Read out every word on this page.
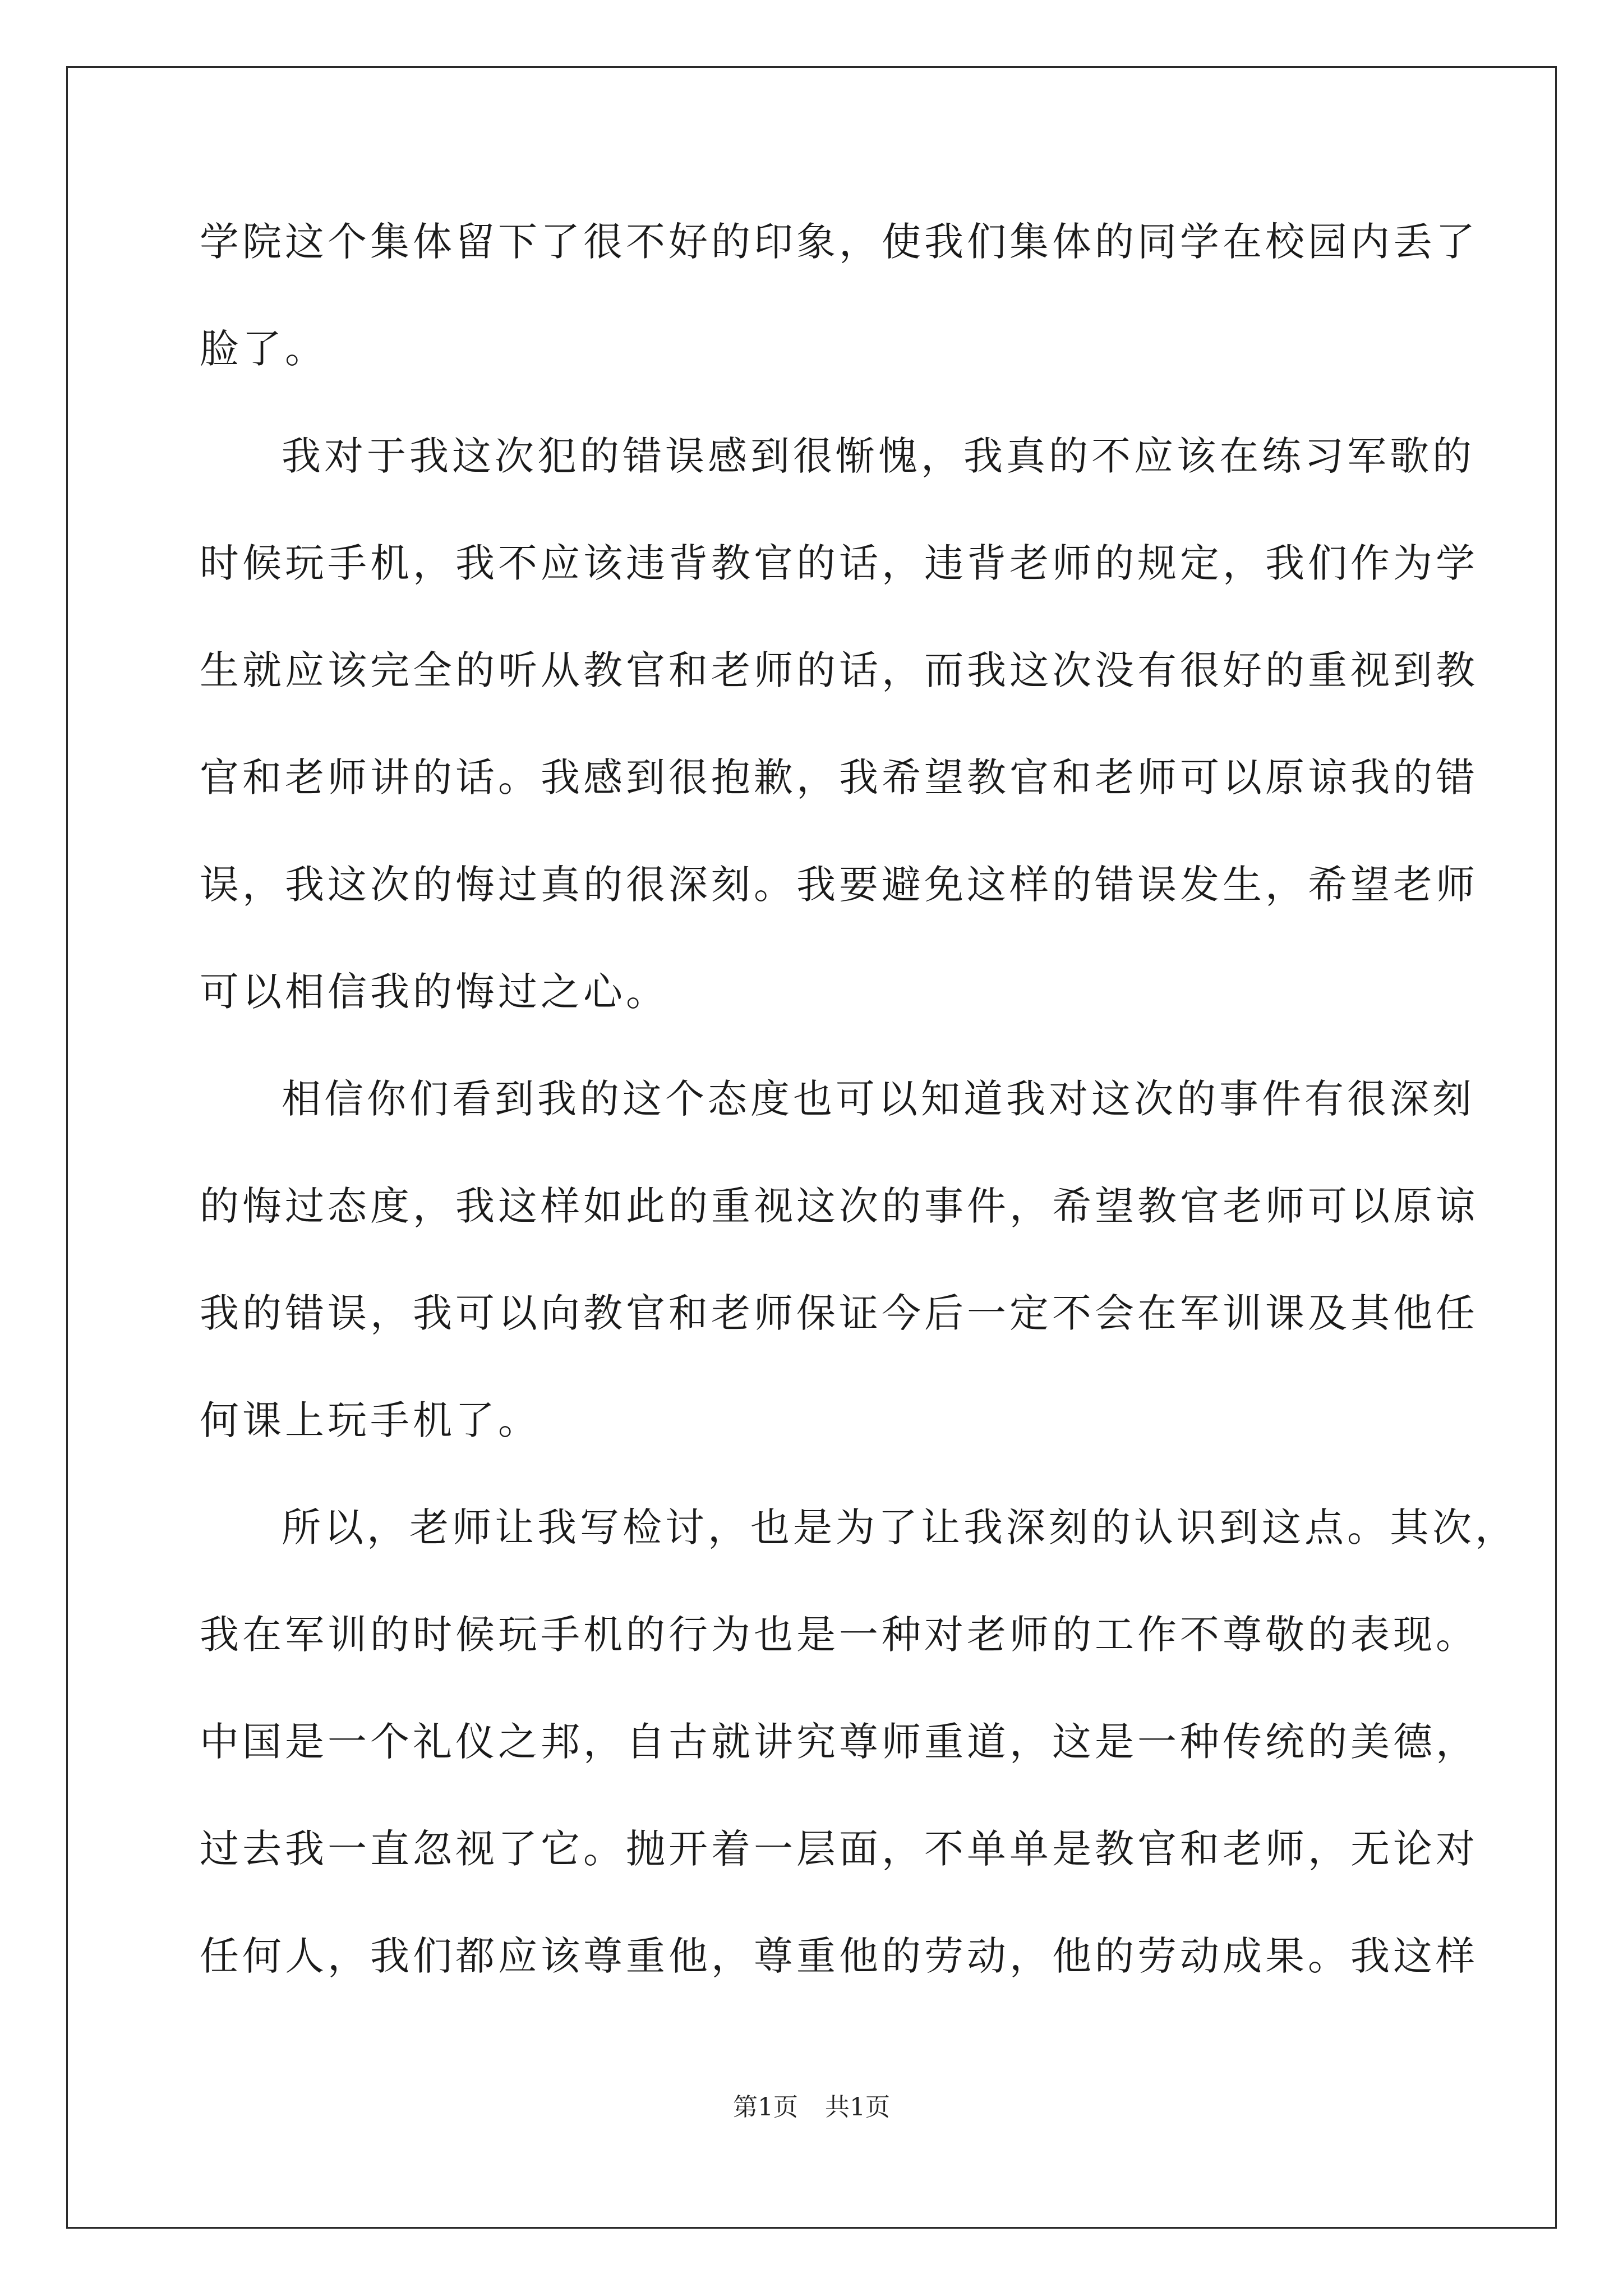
学院这个集体留下了很不好的印象，使我们集体的同学在校园内丢了
脸了。
我对于我这次犯的错误感到很惭愧，我真的不应该在练习军歌的
时候玩手机，我不应该违背教官的话，违背老师的规定，我们作为学
生就应该完全的听从教官和老师的话，而我这次没有很好的重视到教
官和老师讲的话。我感到很抱歉，我希望教官和老师可以原谅我的错
误，我这次的悔过真的很深刻。我要避免这样的错误发生，希望老师
可以相信我的悔过之心。
相信你们看到我的这个态度也可以知道我对这次的事件有很深刻
的悔过态度，我这样如此的重视这次的事件，希望教官老师可以原谅
我的错误，我可以向教官和老师保证今后一定不会在军训课及其他任
何课上玩手机了。
所以，老师让我写检讨，也是为了让我深刻的认识到这点。其次，
我在军训的时候玩手机的行为也是一种对老师的工作不尊敬的表现。
中国是一个礼仪之邦，自古就讲究尊师重道，这是一种传统的美德，
过去我一直忽视了它。抛开着一层面，不单单是教官和老师，无论对
任何人，我们都应该尊重他，尊重他的劳动，他的劳动成果。我这样
第1页 共1页
